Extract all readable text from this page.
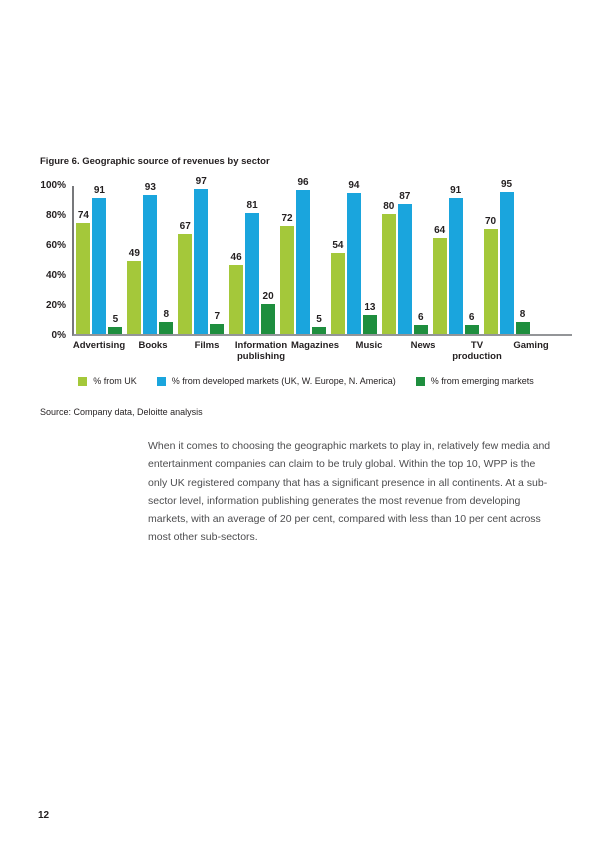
Figure 6. Geographic source of revenues by sector
0%
20%
40%
60%
80%
100%
74
91
5
49
93
8
67
97
7
46
81
20
72
96
5
54
94
13
80
87
6
64
91
6
70
95
8
Advertising	Books	Films	Information publishing
Magazines	Music	News	TV production
Gaming
% from UK	% from developed markets (UK, W. Europe, N. America)	% from emerging markets
Source: Company data, Deloitte analysis
When it comes to choosing the geographic markets to play in, relatively few media and entertainment companies can claim to be truly global. Within the top 10, WPP is the only UK registered company that has a significant presence in all continents. At a sub-sector level, information publishing generates the most revenue from developing markets, with an average of 20 per cent, compared with less than 10 per cent across most other sub-sectors.
12
